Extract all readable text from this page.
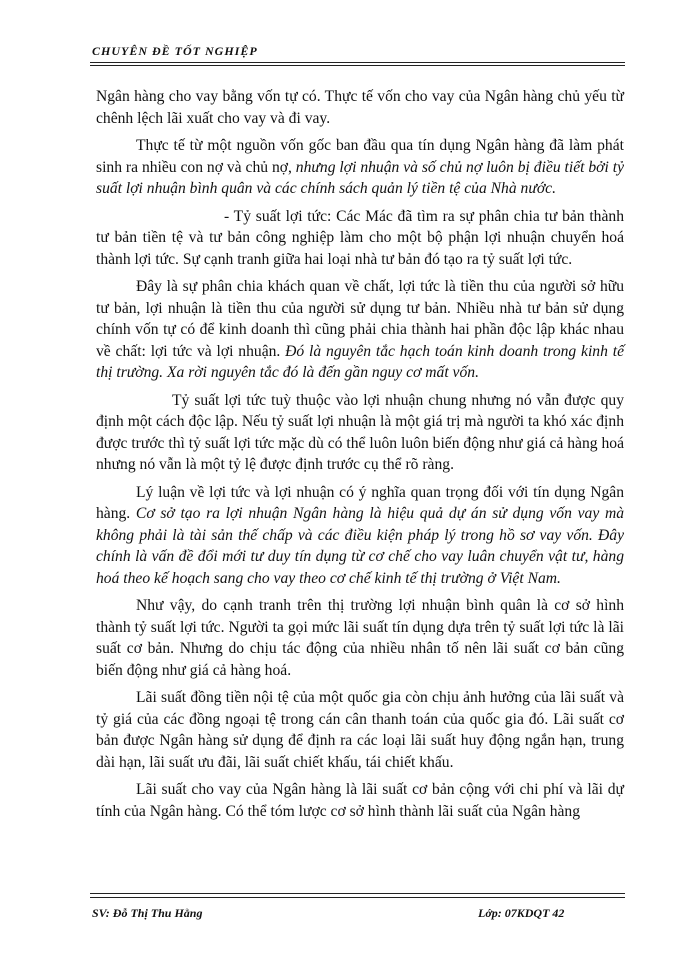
CHUYÊN ĐỀ TỐT NGHIỆP

Ngân hàng cho vay bằng vốn tự có. Thực tế vốn cho vay của Ngân hàng chủ yếu từ chênh lệch lãi xuất cho vay và đi vay.

Thực tế từ một nguồn vốn gốc ban đầu qua tín dụng Ngân hàng đã làm phát sinh ra nhiều con nợ và chủ nợ, nhưng lợi nhuận và số chủ nợ luôn bị điều tiết bởi tỷ suất lợi nhuận bình quân và các chính sách quản lý tiền tệ của Nhà nước.

- Tỷ suất lợi tức: Các Mác đã tìm ra sự phân chia tư bản thành tư bản tiền tệ và tư bản công nghiệp làm cho một bộ phận lợi nhuận chuyển hoá thành lợi tức. Sự cạnh tranh giữa hai loại nhà tư bản đó tạo ra tỷ suất lợi tức.

Đây là sự phân chia khách quan về chất, lợi tức là tiền thu của người sở hữu tư bản, lợi nhuận là tiền thu của người sử dụng tư bản. Nhiều nhà tư bản sử dụng chính vốn tự có để kinh doanh thì cũng phải chia thành hai phần độc lập khác nhau về chất: lợi tức và lợi nhuận. Đó là nguyên tắc hạch toán kinh doanh trong kinh tế thị trường. Xa rời nguyên tắc đó là đến gần nguy cơ mất vốn.

Tỷ suất lợi tức tuỳ thuộc vào lợi nhuận chung nhưng nó vẫn được quy định một cách độc lập. Nếu tỷ suất lợi nhuận là một giá trị mà người ta khó xác định được trước thì tỷ suất lợi tức mặc dù có thể luôn luôn biến động như giá cả hàng hoá nhưng nó vẫn là một tỷ lệ được định trước cụ thể rõ ràng.

Lý luận về lợi tức và lợi nhuận có ý nghĩa quan trọng đối với tín dụng Ngân hàng. Cơ sở tạo ra lợi nhuận Ngân hàng là hiệu quả dự án sử dụng vốn vay mà không phải là tài sản thế chấp và các điều kiện pháp lý trong hồ sơ vay vốn. Đây chính là vấn đề đổi mới tư duy tín dụng từ cơ chế cho vay luân chuyển vật tư, hàng hoá theo kế hoạch sang cho vay theo cơ chế kinh tế thị trường ở Việt Nam.

Như vậy, do cạnh tranh trên thị trường lợi nhuận bình quân là cơ sở hình thành tỷ suất lợi tức. Người ta gọi mức lãi suất tín dụng dựa trên tỷ suất lợi tức là lãi suất cơ bản. Nhưng do chịu tác động của nhiều nhân tố nên lãi suất cơ bản cũng biến động như giá cả hàng hoá.

Lãi suất đồng tiền nội tệ của một quốc gia còn chịu ảnh hưởng của lãi suất và tỷ giá của các đồng ngoại tệ trong cán cân thanh toán của quốc gia đó. Lãi suất cơ bản được Ngân hàng sử dụng để định ra các loại lãi suất huy động ngắn hạn, trung dài hạn, lãi suất ưu đãi, lãi suất chiết khấu, tái chiết khấu.

Lãi suất cho vay của Ngân hàng là lãi suất cơ bản cộng với chi phí và lãi dự tính của Ngân hàng. Có thể tóm lược cơ sở hình thành lãi suất của Ngân hàng

SV: Đỗ Thị Thu Hằng	Lớp: 07KDQT 42
